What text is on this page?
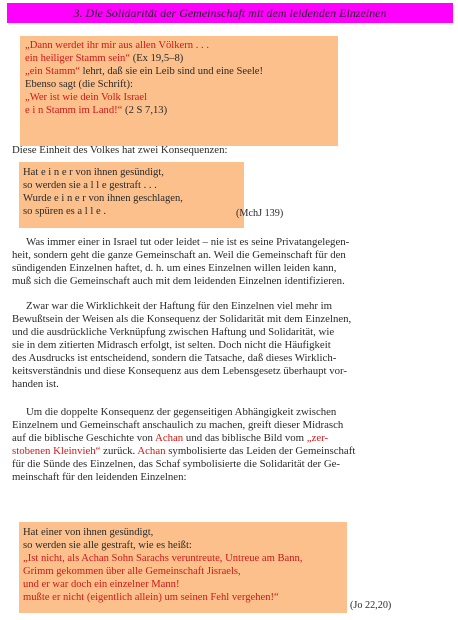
3. Die Solidarität der Gemeinschaft mit dem leidenden Einzelnen
„Dann werdet ihr mir aus allen Völkern . . .
ein heiliger Stamm sein“ (Ex 19,5–8)
„ein Stamm“ lehrt, daß sie ein Leib sind und eine Seele!
Ebenso sagt (die Schrift):
„Wer ist wie dein Volk Israel
e i n Stamm im Land!“ (2 S 7,13)
Diese Einheit des Volkes hat zwei Konsequenzen:
Hat e i n e r von ihnen gesündigt,
so werden sie a l l e gestraft . . .
Wurde e i n e r von ihnen geschlagen,
so spüren es a l l e .	(MchJ 139)
Was immer einer in Israel tut oder leidet – nie ist es seine Privatangelegen-
heit, sondern geht die ganze Gemeinschaft an. Weil die Gemeinschaft für den
sündigenden Einzelnen haftet, d. h. um eines Einzelnen willen leiden kann,
muß sich die Gemeinschaft auch mit dem leidenden Einzelnen identifizieren.
Zwar war die Wirklichkeit der Haftung für den Einzelnen viel mehr im
Bewußtsein der Weisen als die Konsequenz der Solidarität mit dem Einzelnen,
und die ausdrückliche Verknüpfung zwischen Haftung und Solidarität, wie
sie in dem zitierten Midrasch erfolgt, ist selten. Doch nicht die Häufigkeit
des Ausdrucks ist entscheidend, sondern die Tatsache, daß dieses Wirklich-
keitsverständnis und diese Konsequenz aus dem Lebensgesetz überhaupt vor-
handen ist.
Um die doppelte Konsequenz der gegenseitigen Abhängigkeit zwischen
Einzelnem und Gemeinschaft anschaulich zu machen, greift dieser Midrasch
auf die biblische Geschichte von Achan und das biblische Bild vom „zer-
stobenen Kleinvieh“ zurück. Achan symbolisierte das Leiden der Gemeinschaft
für die Sünde des Einzelnen, das Schaf symbolisierte die Solidarität der Ge-
meinschaft für den leidenden Einzelnen:
Hat einer von ihnen gesündigt,
so werden sie alle gestraft, wie es heißt:
„Ist nicht, als Achan Sohn Sarachs veruntreute, Untreue am Bann,
Grimm gekommen über alle Gemeinschaft Jisraels,
und er war doch ein einzelner Mann!
mußte er nicht (eigentlich allein) um seinen Fehl vergehen!“
(Jo 22,20)
